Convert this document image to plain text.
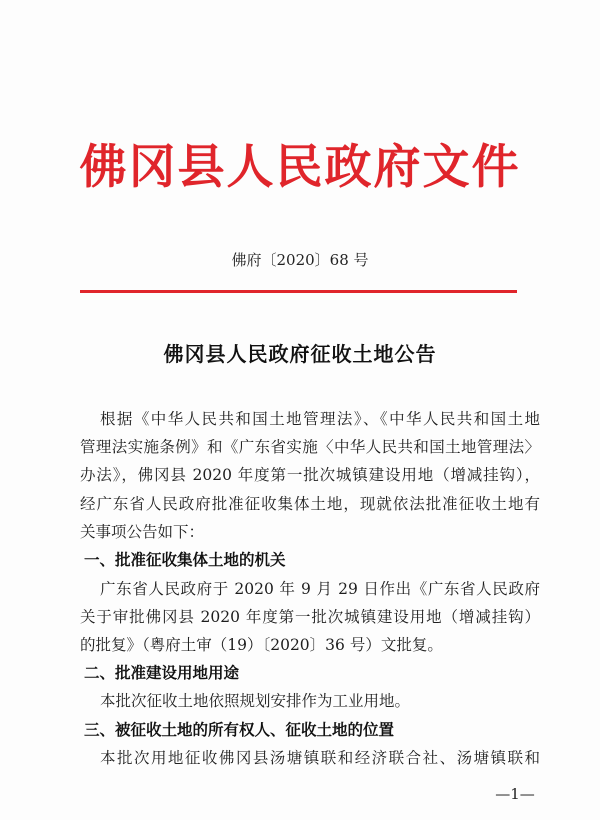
佛冈县人民政府文件
佛府〔2020〕68 号
佛冈县人民政府征收土地公告
根据《中华人民共和国土地管理法》、《中华人民共和国土地
管理法实施条例》和《广东省实施〈中华人民共和国土地管理法〉
办法》，佛冈县 2020 年度第一批次城镇建设用地（增减挂钩），
经广东省人民政府批准征收集体土地，现就依法批准征收土地有
关事项公告如下：
一、批准征收集体土地的机关
广东省人民政府于 2020 年 9 月 29 日作出《广东省人民政府
关于审批佛冈县 2020 年度第一批次城镇建设用地（增减挂钩）
的批复》（粤府土审（19）〔2020〕36 号）文批复。
二、批准建设用地用途
本批次征收土地依照规划安排作为工业用地。
三、被征收土地的所有权人、征收土地的位置
本批次用地征收佛冈县汤塘镇联和经济联合社、汤塘镇联和
—1—
